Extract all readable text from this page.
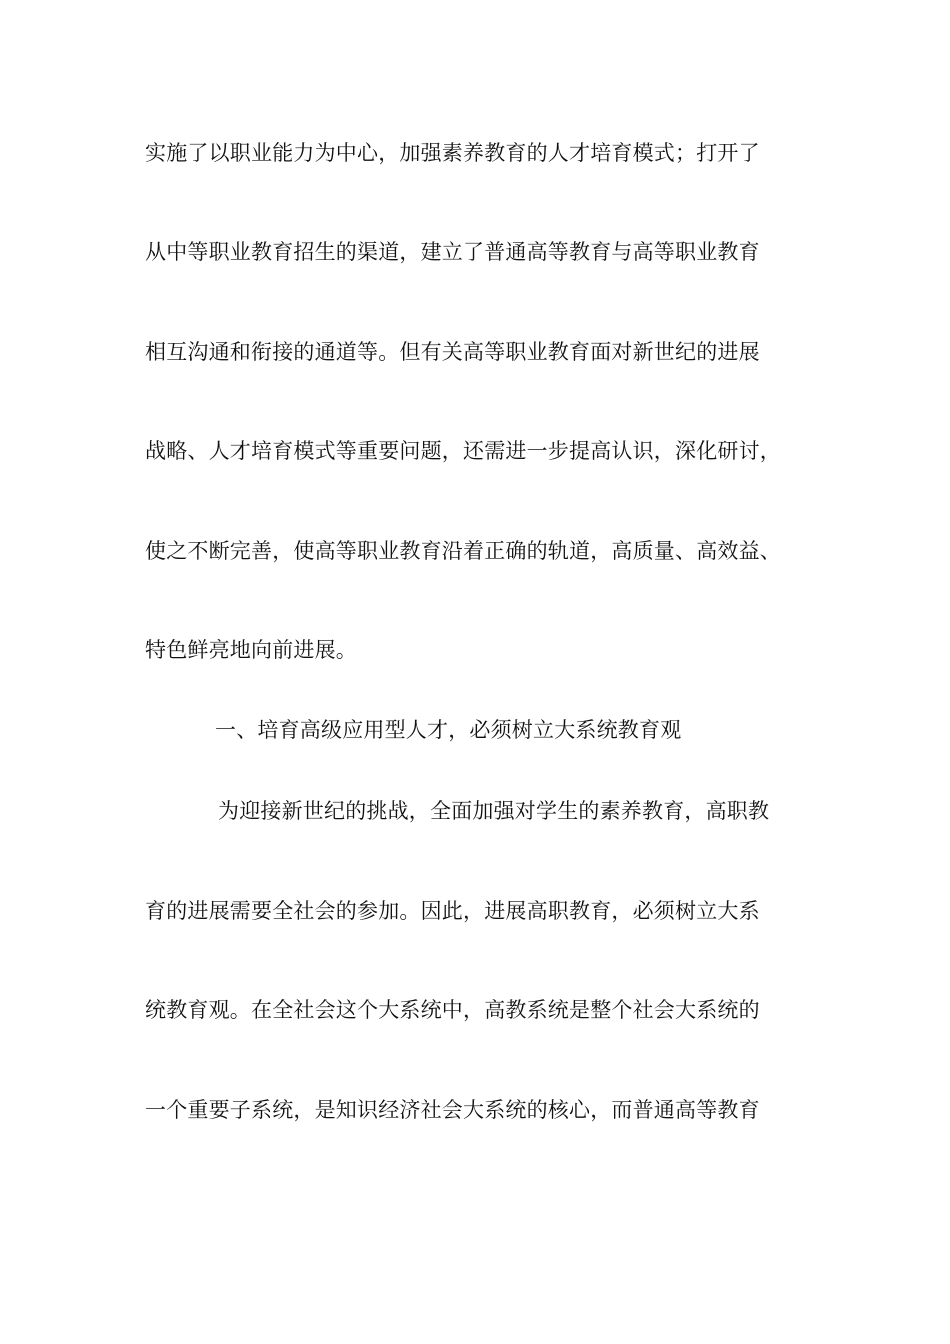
实施了以职业能力为中心，加强素养教育的人才培育模式；打开了
从中等职业教育招生的渠道，建立了普通高等教育与高等职业教育
相互沟通和衔接的通道等。但有关高等职业教育面对新世纪的进展
战略、人才培育模式等重要问题，还需进一步提高认识，深化研讨，
使之不断完善，使高等职业教育沿着正确的轨道，高质量、高效益、
特色鲜亮地向前进展。
一、培育高级应用型人才，必须树立大系统教育观
为迎接新世纪的挑战，全面加强对学生的素养教育，高职教
育的进展需要全社会的参加。因此，进展高职教育，必须树立大系
统教育观。在全社会这个大系统中，高教系统是整个社会大系统的
一个重要子系统，是知识经济社会大系统的核心，而普通高等教育
